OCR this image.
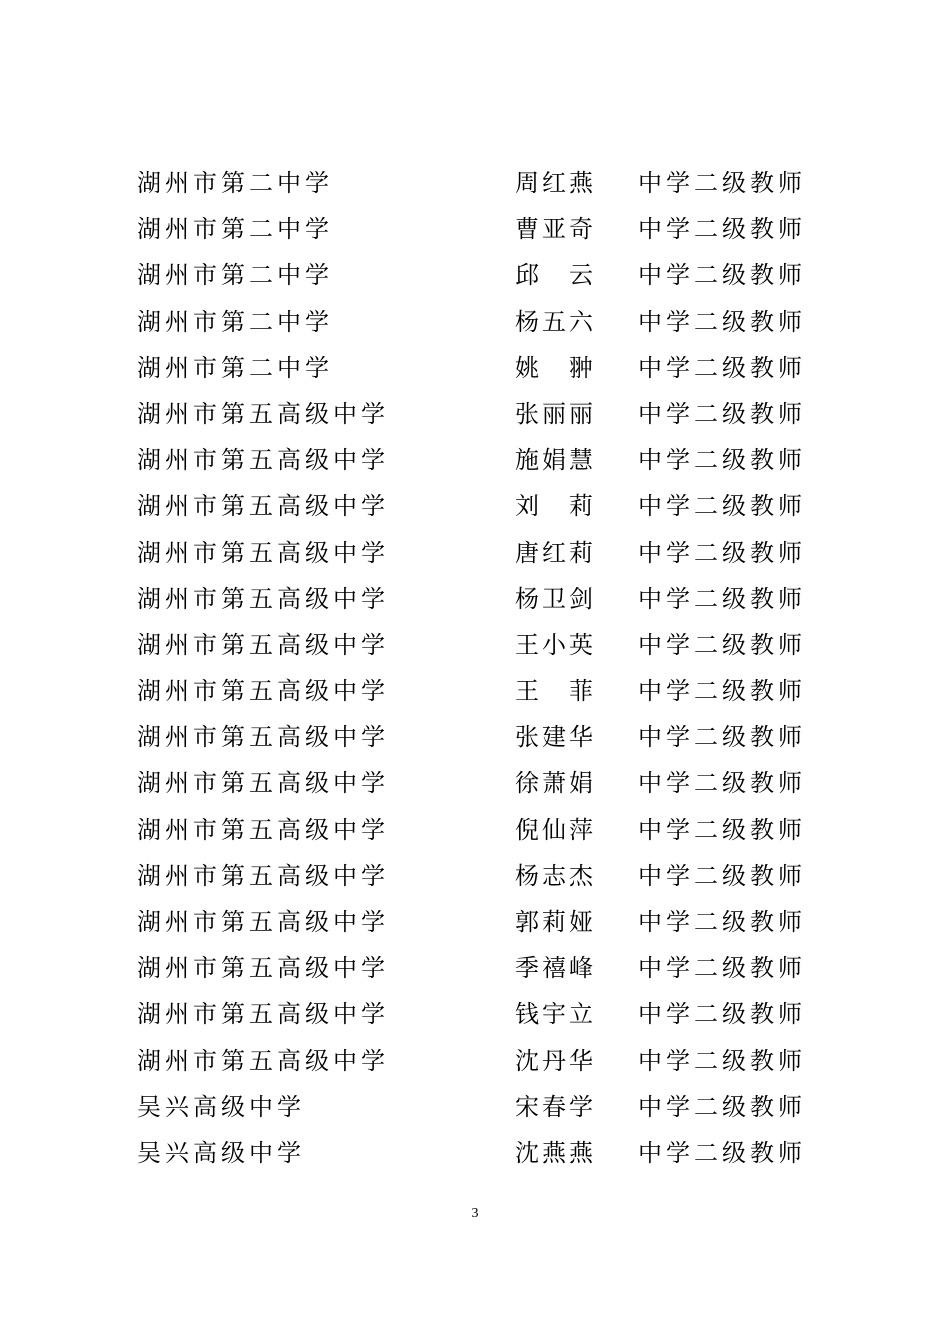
湖州市第二中学	周 红 燕 中学二级教师
湖州市第二中学	曹 亚 奇 中学二级教师
湖州市第二中学	邱 云 中学二级教师
湖州市第二中学	杨 五 六 中学二级教师
湖州市第二中学	姚 翀 中学二级教师
湖州市第五高级中学	张 丽 丽 中学二级教师
湖州市第五高级中学	施 娟 慧 中学二级教师
湖州市第五高级中学	刘 莉 中学二级教师
湖州市第五高级中学	唐 红 莉 中学二级教师
湖州市第五高级中学	杨 卫 剑 中学二级教师
湖州市第五高级中学	王 小 英 中学二级教师
湖州市第五高级中学	王 菲 中学二级教师
湖州市第五高级中学	张 建 华 中学二级教师
湖州市第五高级中学	徐 萧 娟 中学二级教师
湖州市第五高级中学	倪 仙 萍 中学二级教师
湖州市第五高级中学	杨 志 杰 中学二级教师
湖州市第五高级中学	郭 莉 娅 中学二级教师
湖州市第五高级中学	季 禧 峰 中学二级教师
湖州市第五高级中学	钱 宇 立 中学二级教师
湖州市第五高级中学	沈 丹 华 中学二级教师
吴兴高级中学	宋 春 学 中学二级教师
吴兴高级中学	沈 燕 燕 中学二级教师
3
